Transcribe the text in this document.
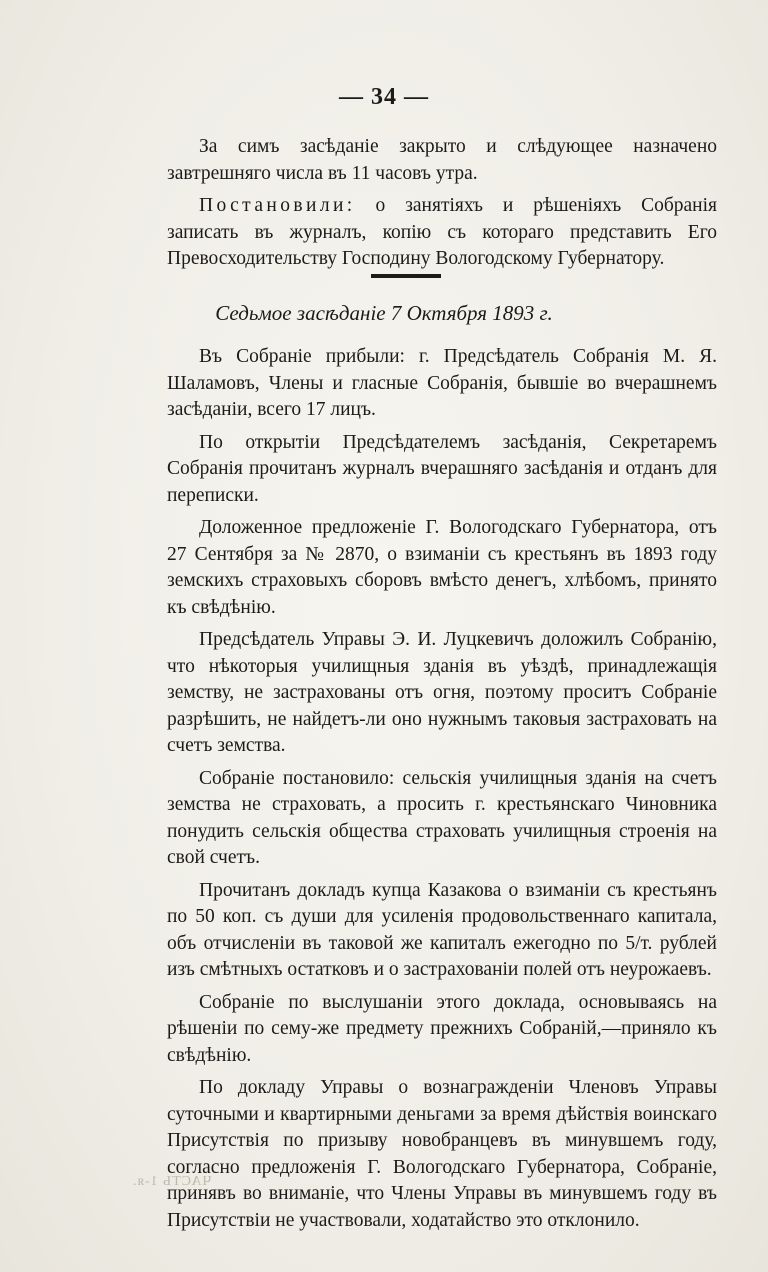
— 34 —

За симъ засѣданіе закрыто и слѣдующее назначено завтрешняго числа въ 11 часовъ утра.

Постановили: о занятіяхъ и рѣшеніяхъ Собранія записать въ журналъ, копію съ котораго представить Его Превосходительству Господину Вологодскому Губернатору.

Седьмое засѣданіе 7 Октября 1893 г.

Въ Собраніе прибыли: г. Предсѣдатель Собранія М. Я. Шаламовъ, Члены и гласные Собранія, бывшіе во вчерашнемъ засѣданіи, всего 17 лицъ.

По открытіи Предсѣдателемъ засѣданія, Секретаремъ Собранія прочитанъ журналъ вчерашняго засѣданія и отданъ для переписки.

Доложенное предложеніе Г. Вологодскаго Губернатора, отъ 27 Сентября за № 2870, о взиманіи съ крестьянъ въ 1893 году земскихъ страховыхъ сборовъ вмѣсто денегъ, хлѣбомъ, принято къ свѣдѣнію.

Предсѣдатель Управы Э. И. Луцкевичъ доложилъ Собранію, что нѣкоторыя училищныя зданія въ уѣздѣ, принадлежащія земству, не застрахованы отъ огня, поэтому проситъ Собраніе разрѣшить, не найдетъ-ли оно нужнымъ таковыя застраховать на счетъ земства.

Собраніе постановило: сельскія училищныя зданія на счетъ земства не страховать, а просить г. крестьянскаго Чиновника понудить сельскія общества страховать училищныя строенія на свой счетъ.

Прочитанъ докладъ купца Казакова о взиманіи съ крестьянъ по 50 коп. съ души для усиленія продовольственнаго капитала, объ отчисленіи въ таковой же капиталъ ежегодно по 5/т. рублей изъ смѣтныхъ остатковъ и о застрахованіи полей отъ неурожаевъ.

Собраніе по выслушаніи этого доклада, основываясь на рѣшеніи по сему-же предмету прежнихъ Собраній,—приняло къ свѣдѣнію.

По докладу Управы о вознагражденіи Членовъ Управы суточными и квартирными деньгами за время дѣйствія воинскаго Присутствія по призыву новобранцевъ въ минувшемъ году, согласно предложенія Г. Вологодскаго Губернатора, Собраніе, принявъ во вниманіе, что Члены Управы въ минувшемъ году въ Присутствіи не участвовали, ходатайство это отклонило.

ЧАСТЬ 1-я.
